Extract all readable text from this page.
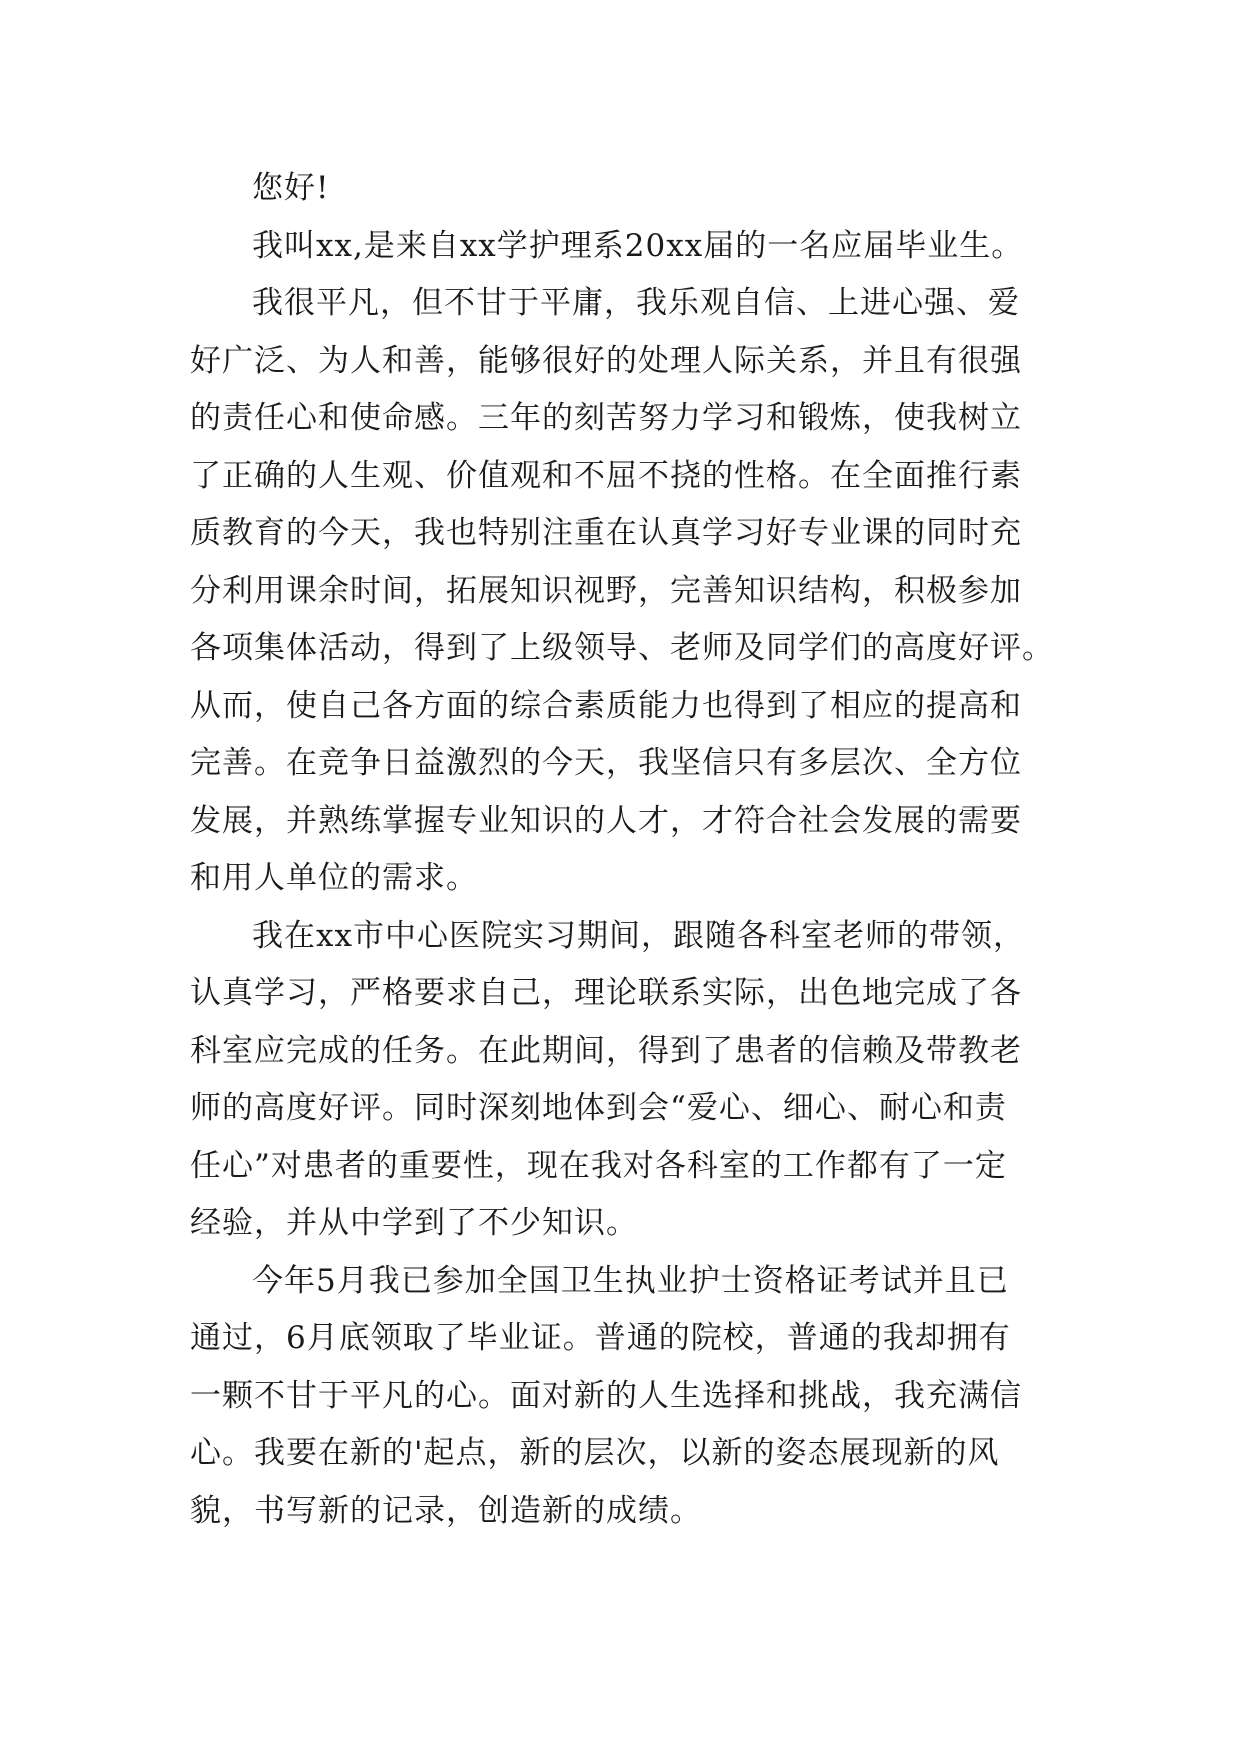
您好!
我叫xx,是来自xx学护理系20xx届的一名应届毕业生。
我很平凡，但不甘于平庸，我乐观自信、上进心强、爱
好广泛、为人和善，能够很好的处理人际关系，并且有很强
的责任心和使命感。三年的刻苦努力学习和锻炼，使我树立
了正确的人生观、价值观和不屈不挠的性格。在全面推行素
质教育的今天，我也特别注重在认真学习好专业课的同时充
分利用课余时间，拓展知识视野，完善知识结构，积极参加
各项集体活动，得到了上级领导、老师及同学们的高度好评。
从而，使自己各方面的综合素质能力也得到了相应的提高和
完善。在竞争日益激烈的今天，我坚信只有多层次、全方位
发展，并熟练掌握专业知识的人才，才符合社会发展的需要
和用人单位的需求。
我在xx市中心医院实习期间，跟随各科室老师的带领，
认真学习，严格要求自己，理论联系实际，出色地完成了各
科室应完成的任务。在此期间，得到了患者的信赖及带教老
师的高度好评。同时深刻地体到会“爱心、细心、耐心和责
任心”对患者的重要性，现在我对各科室的工作都有了一定
经验，并从中学到了不少知识。
今年5月我已参加全国卫生执业护士资格证考试并且已
通过，6月底领取了毕业证。普通的院校，普通的我却拥有
一颗不甘于平凡的心。面对新的人生选择和挑战，我充满信
心。我要在新的'起点，新的层次，以新的姿态展现新的风
貌，书写新的记录，创造新的成绩。
